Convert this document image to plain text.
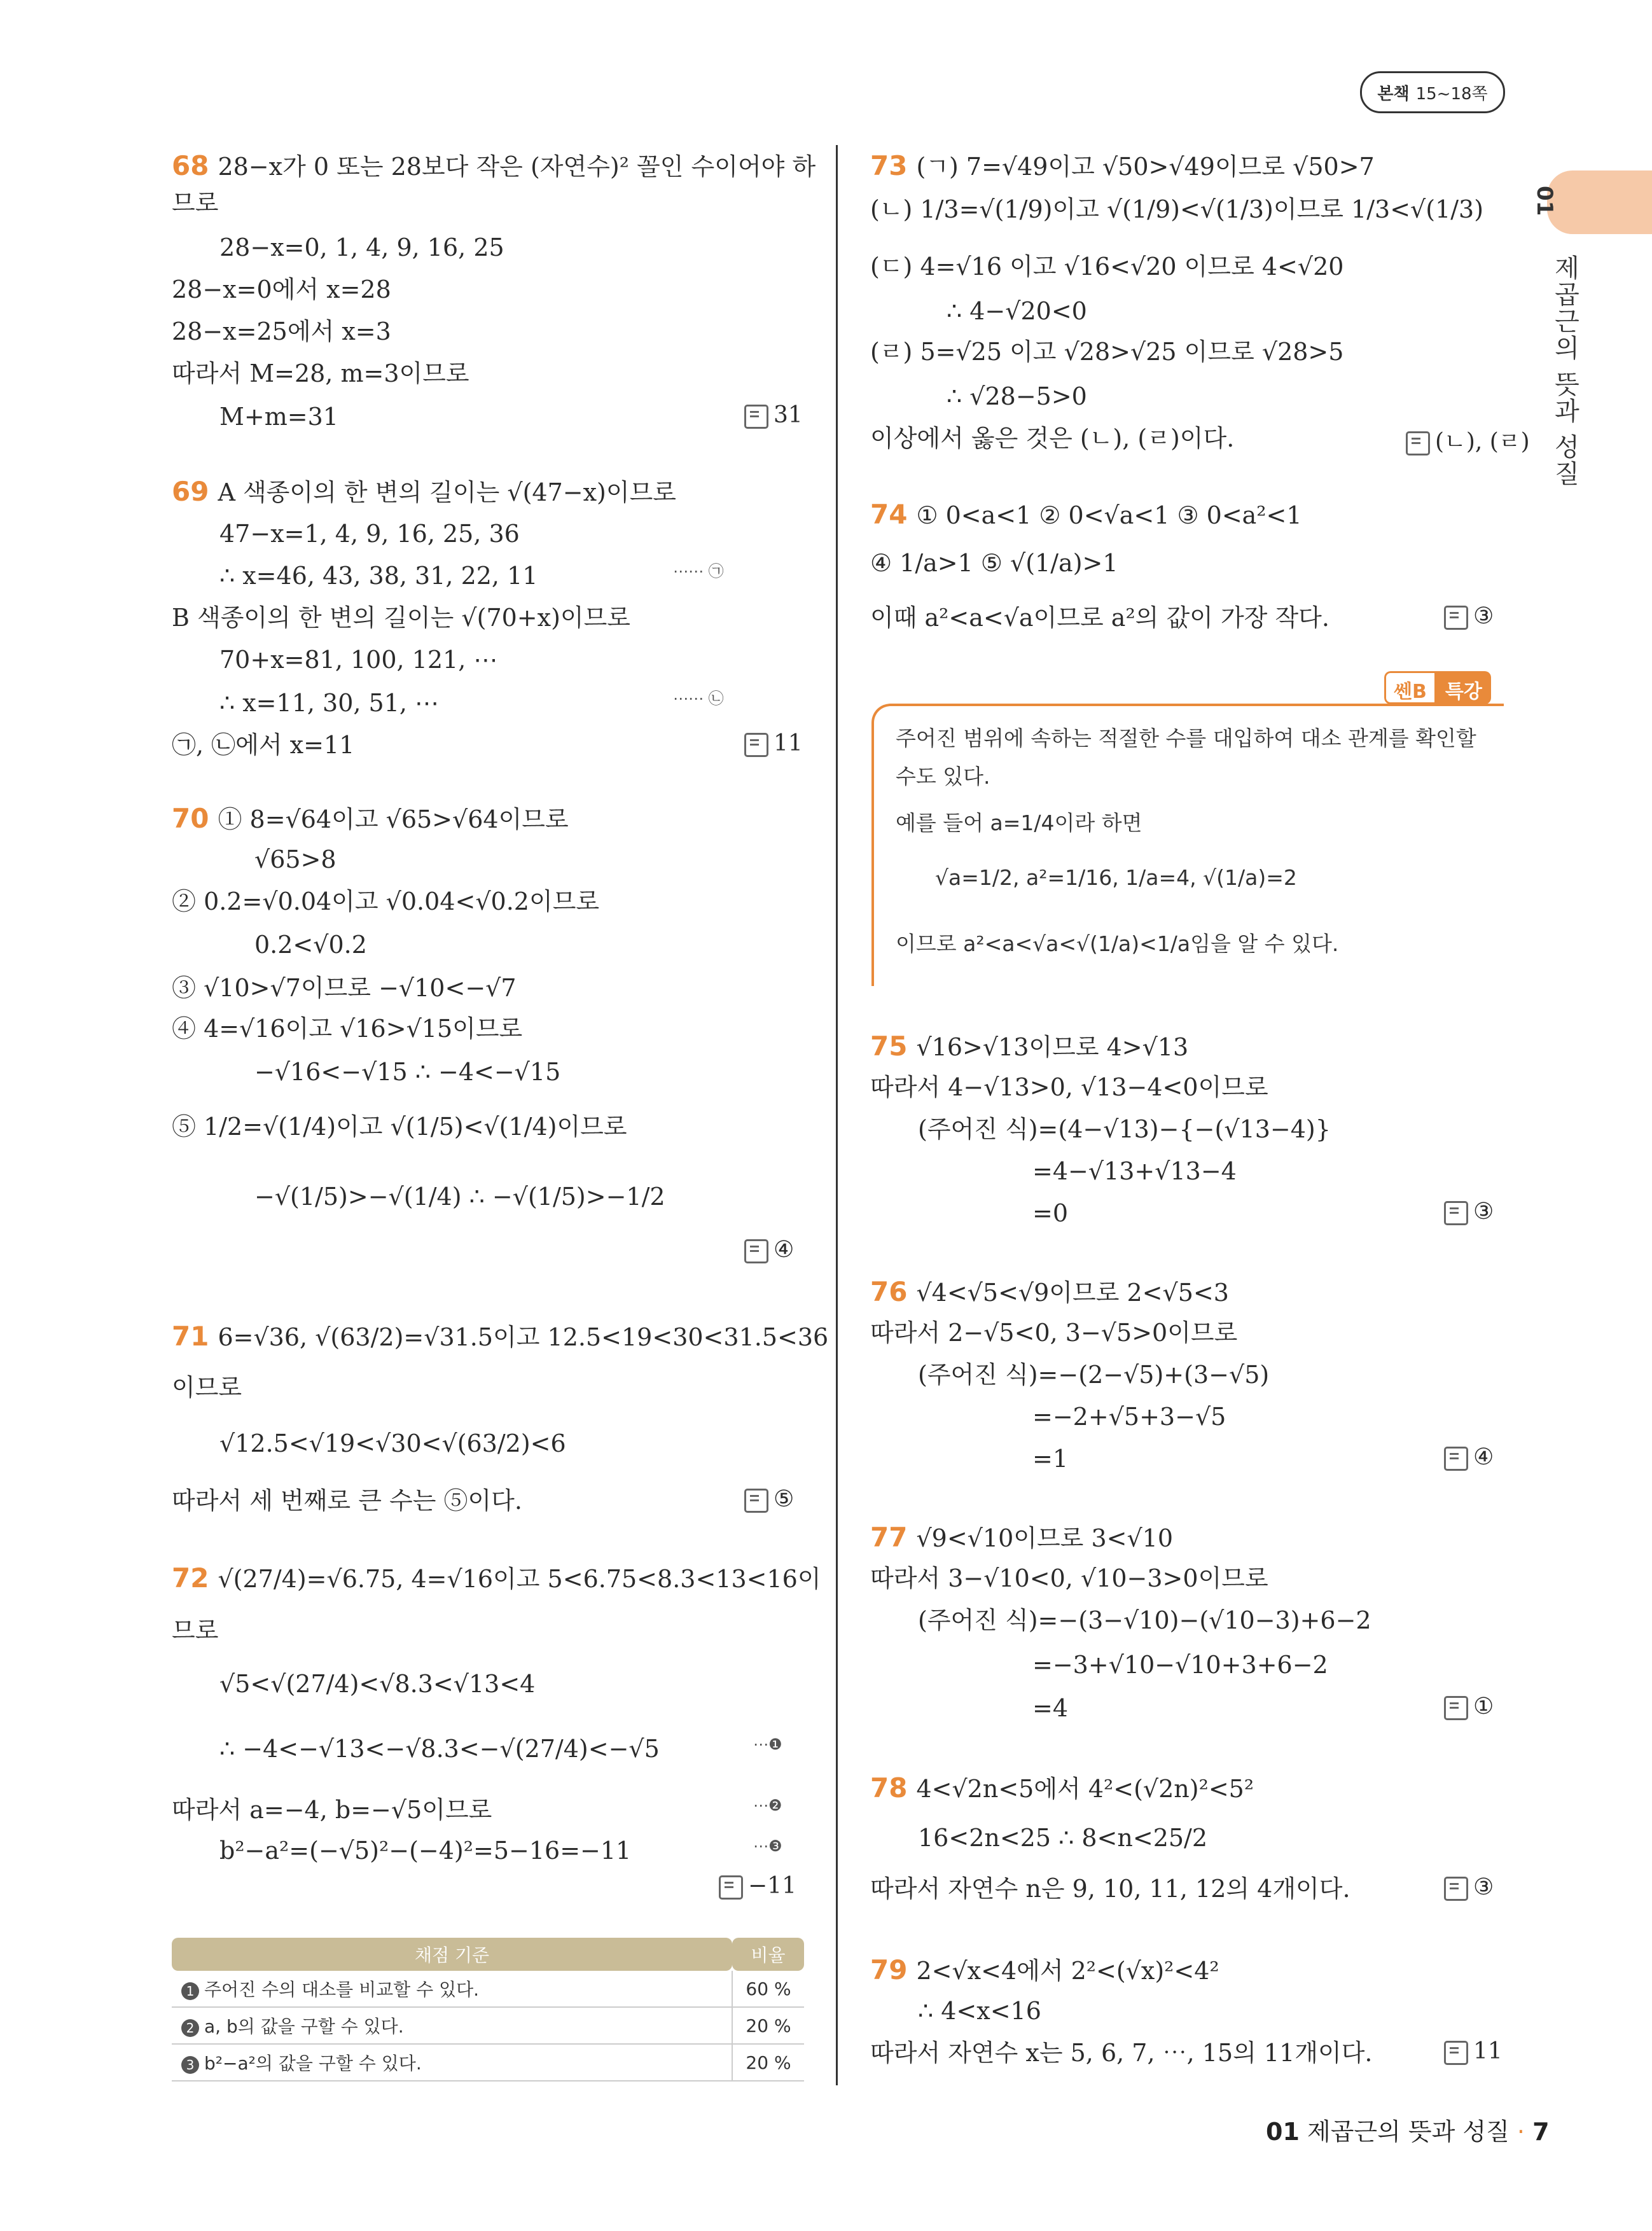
본책 15~18쪽
01
제곱근의 뜻과 성질
68 28−x가 0 또는 28보다 작은 (자연수)² 꼴인 수이어야 하
므로
28−x=0, 1, 4, 9, 16, 25
28−x=0에서 x=28
28−x=25에서 x=3
따라서 M=28, m=3이므로
M+m=31
69 A 색종이의 한 변의 길이는 √(47−x)이므로
47−x=1, 4, 9, 16, 25, 36
∴ x=46, 43, 38, 31, 22, 11
B 색종이의 한 변의 길이는 √(70+x)이므로
70+x=81, 100, 121, ⋯
∴ x=11, 30, 51, ⋯
㉠, ㉡에서 x=11
70 ① 8=√64이고 √65>√64이므로
√65>8
② 0.2=√0.04이고 √0.04<√0.2이므로
0.2<√0.2
③ √10>√7이므로 −√10<−√7
④ 4=√16이고 √16>√15이므로
−√16<−√15 ∴ −4<−√15
⑤ 1/2=√(1/4)이고 √(1/5)<√(1/4)이므로
−√(1/5)>−√(1/4) ∴ −√(1/5)>−1/2
71 6=√36, √(63/2)=√31.5이고 12.5<19<30<31.5<36
이므로
√12.5<√19<√30<√(63/2)<6
따라서 세 번째로 큰 수는 ⑤이다.
72 √(27/4)=√6.75, 4=√16이고 5<6.75<8.3<13<16이
므로
√5<√(27/4)<√8.3<√13<4
∴ −4<−√13<−√8.3<−√(27/4)<−√5
따라서 a=−4, b=−√5이므로
b²−a²=(−√5)²−(−4)²=5−16=−11
⋯⋯ ㉠
⋯⋯ ㉡
⋯❶
⋯❷
⋯❸
31
11
④
⑤
−11
73 (ㄱ) 7=√49이고 √50>√49이므로 √50>7
(ㄴ) 1/3=√(1/9)이고 √(1/9)<√(1/3)이므로 1/3<√(1/3)
(ㄷ) 4=√16 이고 √16<√20 이므로 4<√20
∴ 4−√20<0
(ㄹ) 5=√25 이고 √28>√25 이므로 √28>5
∴ √28−5>0
이상에서 옳은 것은 (ㄴ), (ㄹ)이다.
74 ① 0<a<1 ② 0<√a<1 ③ 0<a²<1
④ 1/a>1 ⑤ √(1/a)>1
이때 a²<a<√a이므로 a²의 값이 가장 작다.
75 √16>√13이므로 4>√13
따라서 4−√13>0, √13−4<0이므로
(주어진 식)=(4−√13)−{−(√13−4)}
=4−√13+√13−4
=0
76 √4<√5<√9이므로 2<√5<3
따라서 2−√5<0, 3−√5>0이므로
(주어진 식)=−(2−√5)+(3−√5)
=−2+√5+3−√5
=1
77 √9<√10이므로 3<√10
따라서 3−√10<0, √10−3>0이므로
(주어진 식)=−(3−√10)−(√10−3)+6−2
=−3+√10−√10+3+6−2
=4
78 4<√2n<5에서 4²<(√2n)²<5²
16<2n<25 ∴ 8<n<25/2
따라서 자연수 n은 9, 10, 11, 12의 4개이다.
79 2<√x<4에서 2²<(√x)²<4²
∴ 4<x<16
따라서 자연수 x는 5, 6, 7, ⋯, 15의 11개이다.
(ㄴ), (ㄹ)
③
③
④
①
③
11
쎈B 특강
주어진 범위에 속하는 적절한 수를 대입하여 대소 관계를 확인할
수도 있다.
예를 들어 a=1/4이라 하면
√a=1/2, a²=1/16, 1/a=4, √(1/a)=2
이므로 a²<a<√a<√(1/a)<1/a임을 알 수 있다.
채점 기준	비율
1 주어진 수의 대소를 비교할 수 있다.	60 %
2 a, b의 값을 구할 수 있다.	20 %
3 b²−a²의 값을 구할 수 있다.	20 %
01 제곱근의 뜻과 성질 · 7
